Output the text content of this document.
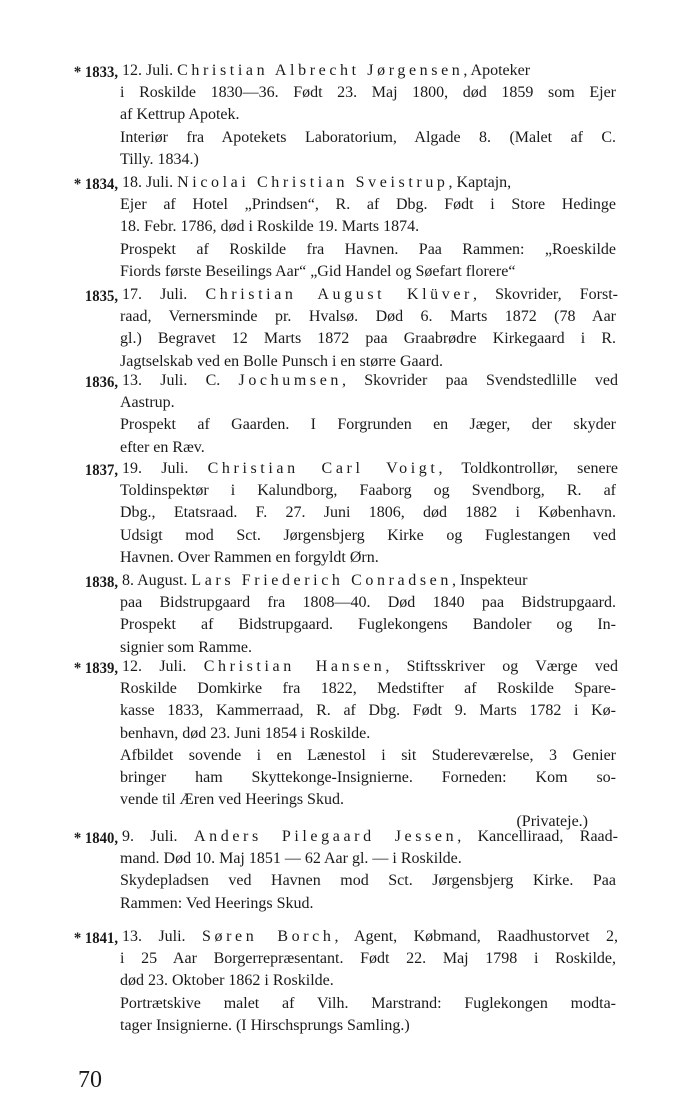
* 1833, 12. Juli. Christian Albrecht Jørgensen, Apoteker
i Roskilde 1830—36. Født 23. Maj 1800, død 1859 som Ejer
af Kettrup Apotek.
Interiør fra Apotekets Laboratorium, Algade 8. (Malet af C.
Tilly. 1834.)
* 1834, 18. Juli. Nicolai Christian Sveistrup, Kaptajn,
Ejer af Hotel „Prindsen“, R. af Dbg. Født i Store Hedinge
18. Febr. 1786, død i Roskilde 19. Marts 1874.
Prospekt af Roskilde fra Havnen. Paa Rammen: „Roeskilde
Fiords første Beseilings Aar“ „Gid Handel og Søefart florere“
1835, 17. Juli. Christian August Klüver, Skovrider, Forst-
raad, Vernersminde pr. Hvalsø. Død 6. Marts 1872 (78 Aar
gl.) Begravet 12 Marts 1872 paa Graabrødre Kirkegaard i R.
Jagtselskab ved en Bolle Punsch i en større Gaard.
1836, 13. Juli. C. Jochumsen, Skovrider paa Svendstedlille ved
Aastrup.
Prospekt af Gaarden. I Forgrunden en Jæger, der skyder
efter en Ræv.
1837, 19. Juli. Christian Carl Voigt, Toldkontrollør, senere
Toldinspektør i Kalundborg, Faaborg og Svendborg, R. af
Dbg., Etatsraad. F. 27. Juni 1806, død 1882 i København.
Udsigt mod Sct. Jørgensbjerg Kirke og Fuglestangen ved
Havnen. Over Rammen en forgyldt Ørn.
1838, 8. August. Lars Friederich Conradsen, Inspekteur
paa Bidstrupgaard fra 1808—40. Død 1840 paa Bidstrupgaard.
Prospekt af Bidstrupgaard. Fuglekongens Bandoler og In-
signier som Ramme.
* 1839, 12. Juli. Christian Hansen, Stiftsskriver og Værge ved
Roskilde Domkirke fra 1822, Medstifter af Roskilde Spare-
kasse 1833, Kammerraad, R. af Dbg. Født 9. Marts 1782 i Kø-
benhavn, død 23. Juni 1854 i Roskilde.
Afbildet sovende i en Lænestol i sit Studereværelse, 3 Genier
bringer ham Skyttekonge-Insignierne. Forneden: Kom so-
vende til Æren ved Heerings Skud.
(Privateje.)
* 1840, 9. Juli. Anders Pilegaard Jessen, Kancelliraad, Raad-
mand. Død 10. Maj 1851 — 62 Aar gl. — i Roskilde.
Skydepladsen ved Havnen mod Sct. Jørgensbjerg Kirke. Paa
Rammen: Ved Heerings Skud.
* 1841, 13. Juli. Søren Borch, Agent, Købmand, Raadhustorvet 2,
i 25 Aar Borgerrepræsentant. Født 22. Maj 1798 i Roskilde,
død 23. Oktober 1862 i Roskilde.
Portrætskive malet af Vilh. Marstrand: Fuglekongen modta-
tager Insignierne. (I Hirschsprungs Samling.)
70
